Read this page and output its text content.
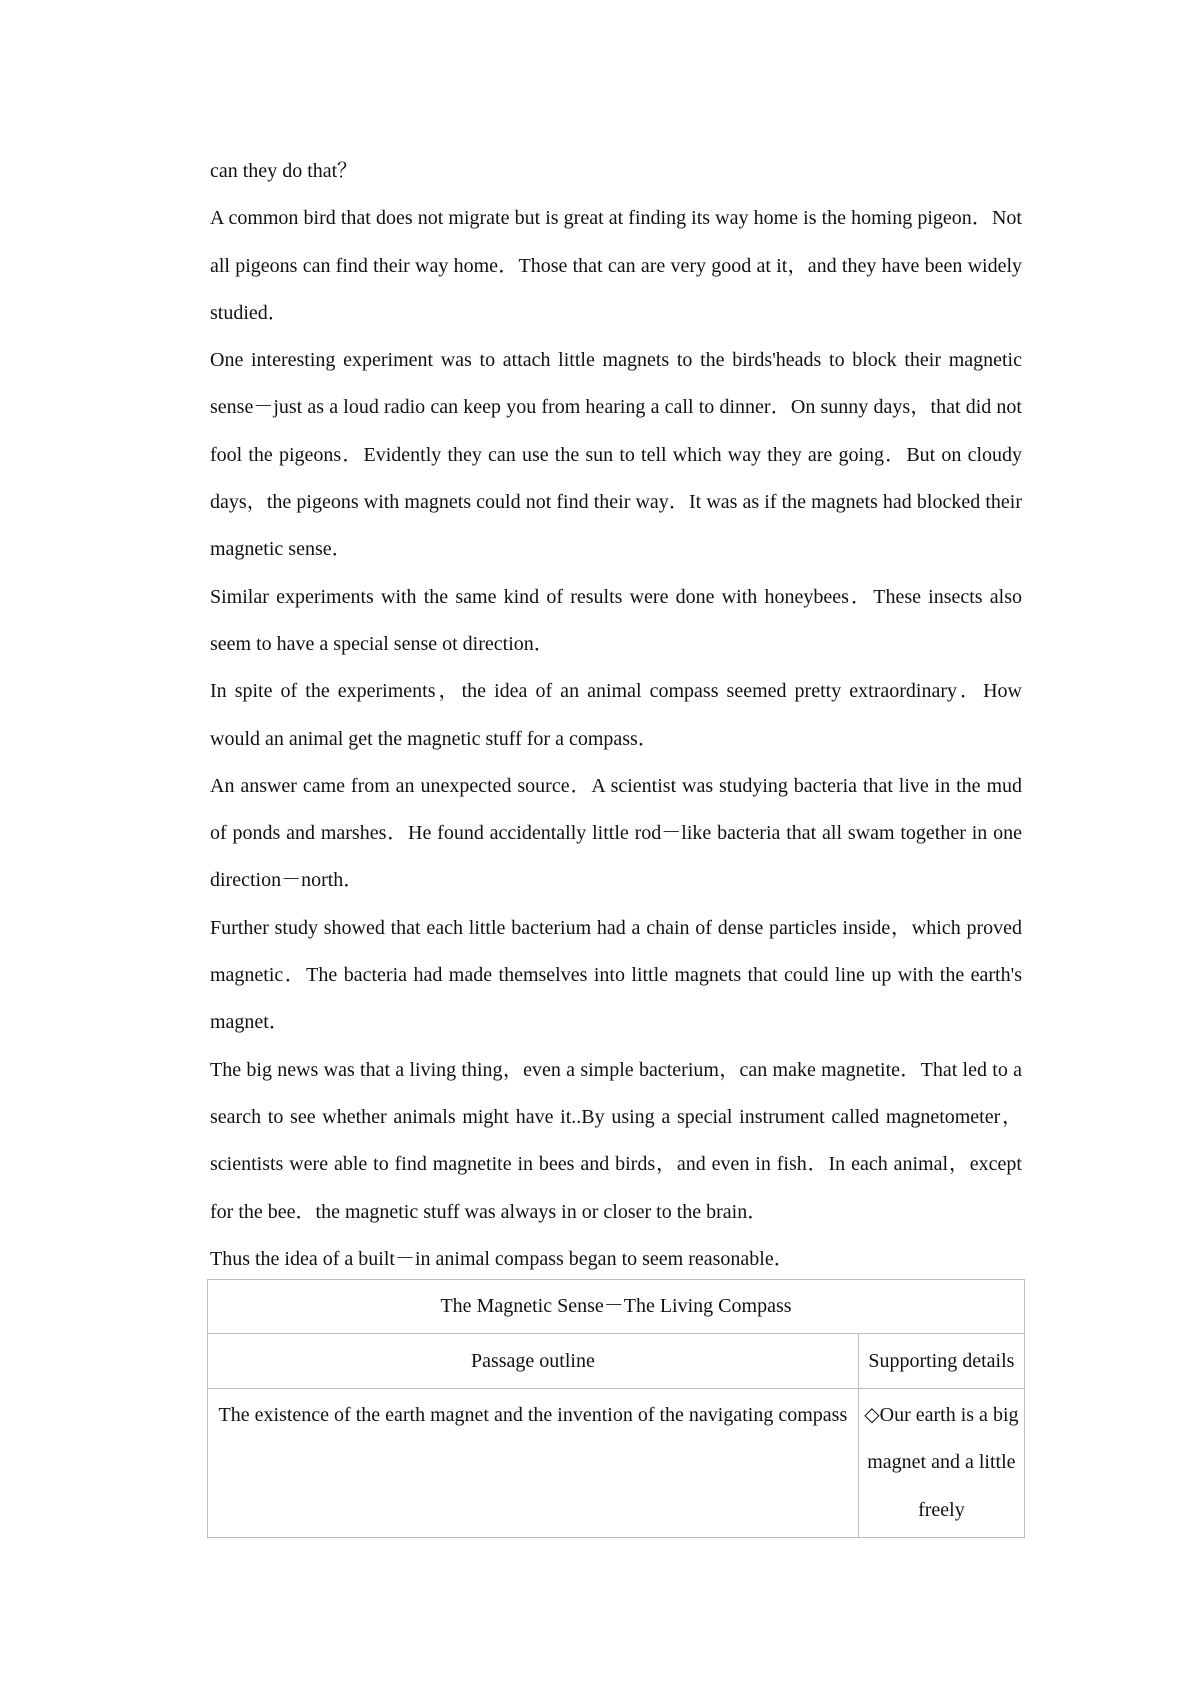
can they do that？

A common bird that does not migrate but is great at finding its way home is the homing pigeon．Not all pigeons can find their way home．Those that can are very good at it，and they have been widely studied．

One interesting experiment was to attach little magnets to the birds'heads to block their magnetic sense－just as a loud radio can keep you from hearing a call to dinner．On sunny days，that did not fool the pigeons．Evidently they can use the sun to tell which way they are going．But on cloudy days，the pigeons with magnets could not find their way．It was as if the magnets had blocked their magnetic sense．

Similar experiments with the same kind of results were done with honeybees．These insects also seem to have a special sense ot direction．

In spite of the experiments，the idea of an animal compass seemed pretty extraordinary．How would an animal get the magnetic stuff for a compass．

An answer came from an unexpected source．A scientist was studying bacteria that live in the mud of ponds and marshes．He found accidentally little rod－like bacteria that all swam together in one direction－north．

Further study showed that each little bacterium had a chain of dense particles inside，which proved magnetic．The bacteria had made themselves into little magnets that could line up with the earth's magnet．

The big news was that a living thing，even a simple bacterium，can make magnetite．That led to a search to see whether animals might have it..By using a special instrument called magnetometer，scientists were able to find magnetite in bees and birds，and even in fish．In each animal，except for the bee．the magnetic stuff was always in or closer to the brain．

Thus the idea of a built－in animal compass began to seem reasonable．

The Magnetic Sense－The Living Compass	
Passage outline	Supporting details
The existence of the earth magnet and the invention of the navigating compass	◇Our earth is a big magnet and a little freely
